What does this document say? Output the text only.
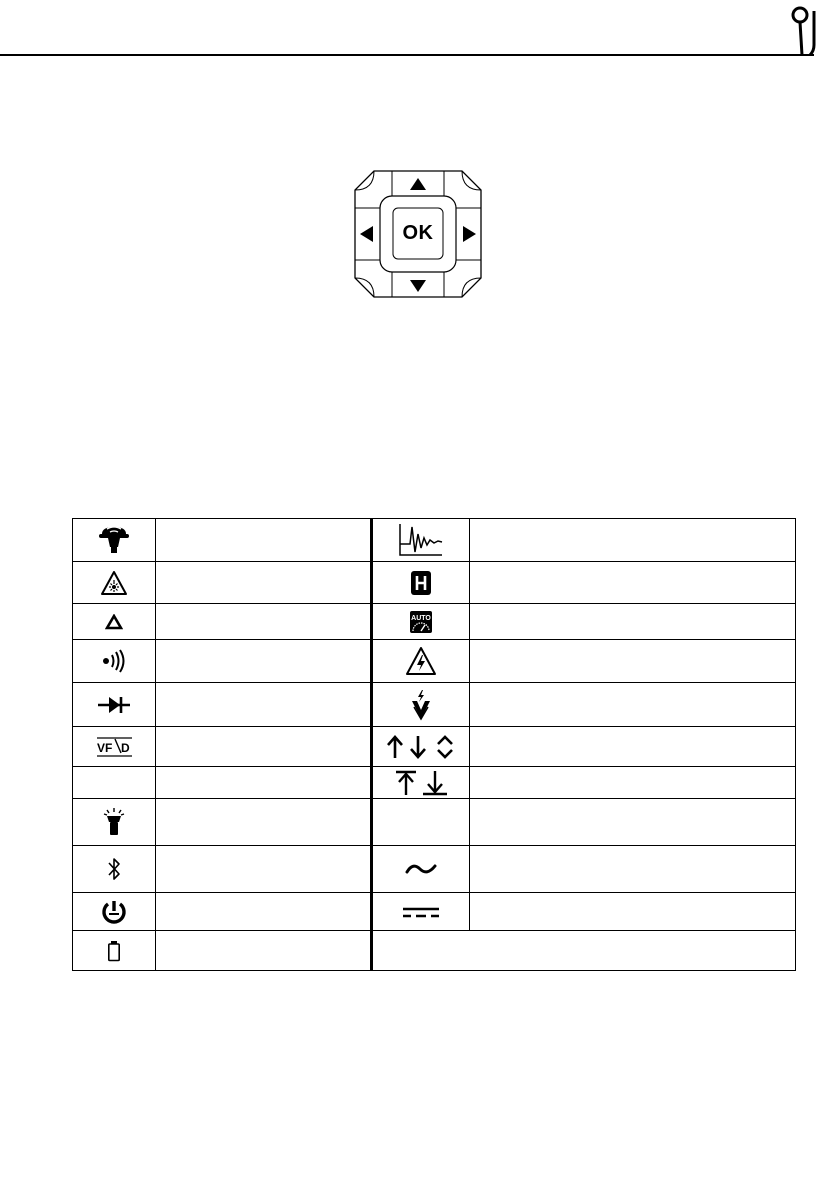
OK

AUTO	

VF D
